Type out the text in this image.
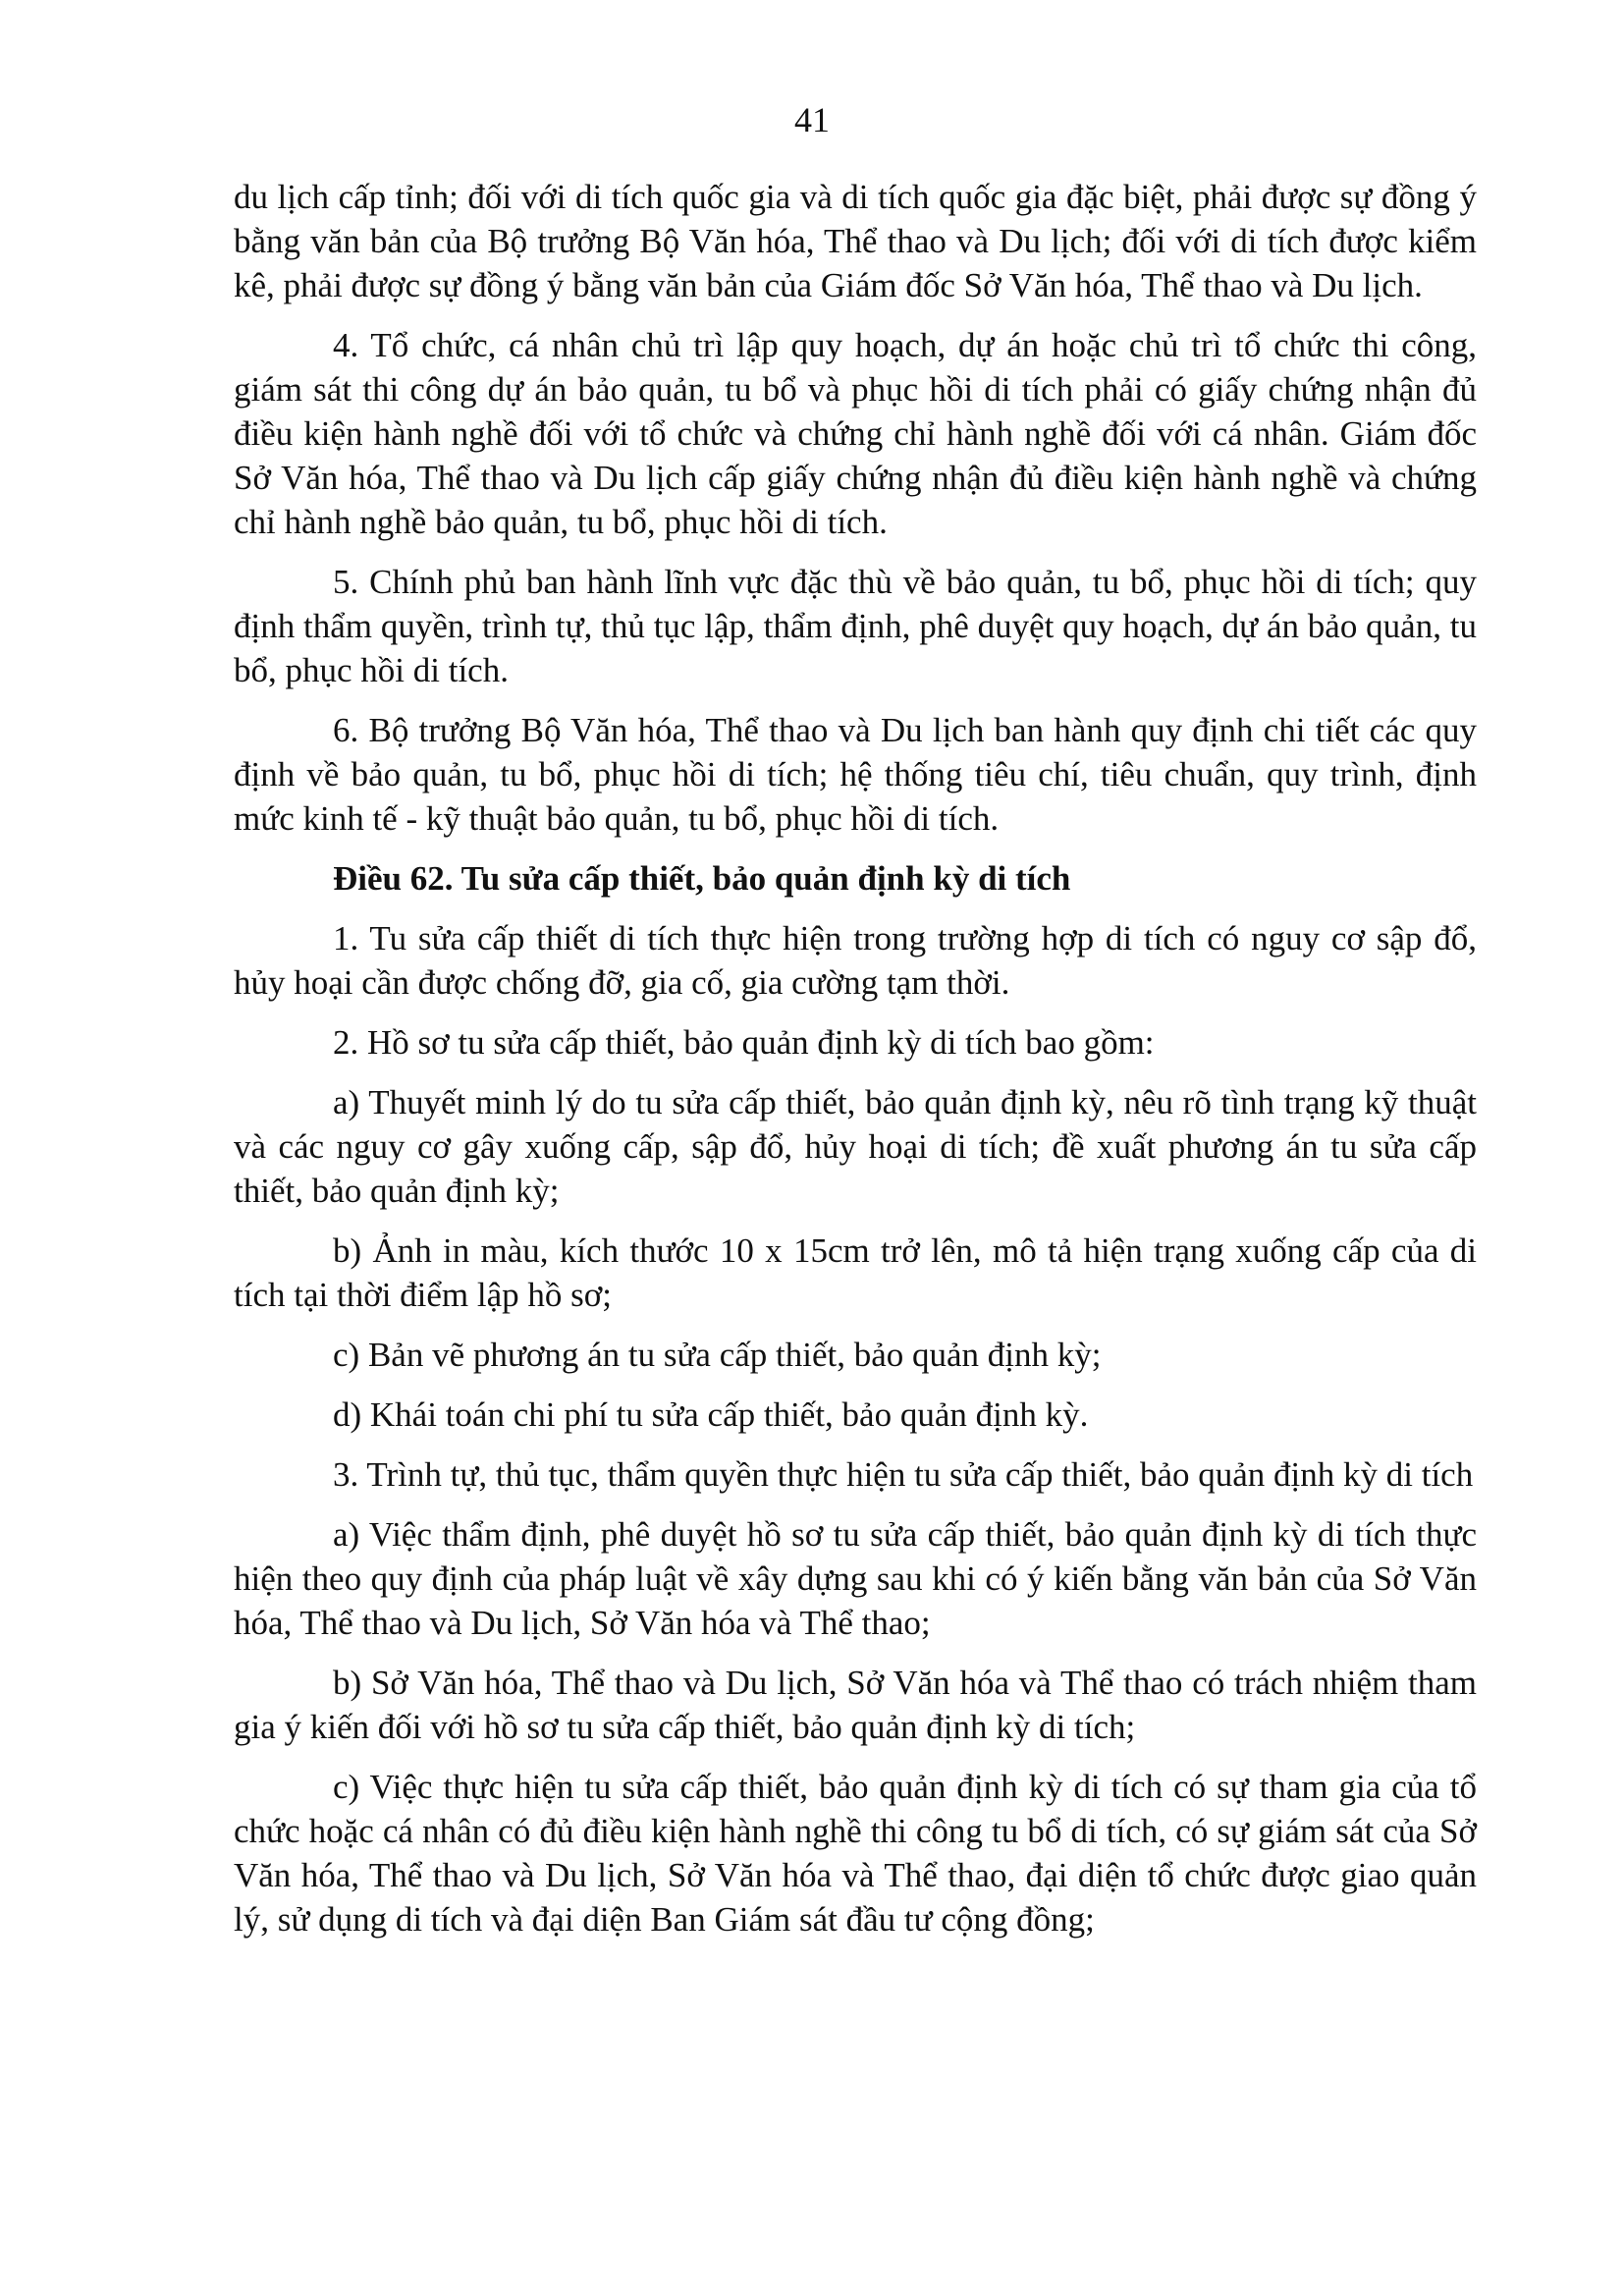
41

du lịch cấp tỉnh; đối với di tích quốc gia và di tích quốc gia đặc biệt, phải được sự đồng ý bằng văn bản của Bộ trưởng Bộ Văn hóa, Thể thao và Du lịch; đối với di tích được kiểm kê, phải được sự đồng ý bằng văn bản của Giám đốc Sở Văn hóa, Thể thao và Du lịch.

4. Tổ chức, cá nhân chủ trì lập quy hoạch, dự án hoặc chủ trì tổ chức thi công, giám sát thi công dự án bảo quản, tu bổ và phục hồi di tích phải có giấy chứng nhận đủ điều kiện hành nghề đối với tổ chức và chứng chỉ hành nghề đối với cá nhân. Giám đốc Sở Văn hóa, Thể thao và Du lịch cấp giấy chứng nhận đủ điều kiện hành nghề và chứng chỉ hành nghề bảo quản, tu bổ, phục hồi di tích.

5. Chính phủ ban hành lĩnh vực đặc thù về bảo quản, tu bổ, phục hồi di tích; quy định thẩm quyền, trình tự, thủ tục lập, thẩm định, phê duyệt quy hoạch, dự án bảo quản, tu bổ, phục hồi di tích.

6. Bộ trưởng Bộ Văn hóa, Thể thao và Du lịch ban hành quy định chi tiết các quy định về bảo quản, tu bổ, phục hồi di tích; hệ thống tiêu chí, tiêu chuẩn, quy trình, định mức kinh tế - kỹ thuật bảo quản, tu bổ, phục hồi di tích.

Điều 62. Tu sửa cấp thiết, bảo quản định kỳ di tích

1. Tu sửa cấp thiết di tích thực hiện trong trường hợp di tích có nguy cơ sập đổ, hủy hoại cần được chống đỡ, gia cố, gia cường tạm thời.

2. Hồ sơ tu sửa cấp thiết, bảo quản định kỳ di tích bao gồm:

a) Thuyết minh lý do tu sửa cấp thiết, bảo quản định kỳ, nêu rõ tình trạng kỹ thuật và các nguy cơ gây xuống cấp, sập đổ, hủy hoại di tích; đề xuất phương án tu sửa cấp thiết, bảo quản định kỳ;

b) Ảnh in màu, kích thước 10 x 15cm trở lên, mô tả hiện trạng xuống cấp của di tích tại thời điểm lập hồ sơ;

c) Bản vẽ phương án tu sửa cấp thiết, bảo quản định kỳ;

d) Khái toán chi phí tu sửa cấp thiết, bảo quản định kỳ.

3. Trình tự, thủ tục, thẩm quyền thực hiện tu sửa cấp thiết, bảo quản định kỳ di tích

a) Việc thẩm định, phê duyệt hồ sơ tu sửa cấp thiết, bảo quản định kỳ di tích thực hiện theo quy định của pháp luật về xây dựng sau khi có ý kiến bằng văn bản của Sở Văn hóa, Thể thao và Du lịch, Sở Văn hóa và Thể thao;

b) Sở Văn hóa, Thể thao và Du lịch, Sở Văn hóa và Thể thao có trách nhiệm tham gia ý kiến đối với hồ sơ tu sửa cấp thiết, bảo quản định kỳ di tích;

c) Việc thực hiện tu sửa cấp thiết, bảo quản định kỳ di tích có sự tham gia của tổ chức hoặc cá nhân có đủ điều kiện hành nghề thi công tu bổ di tích, có sự giám sát của Sở Văn hóa, Thể thao và Du lịch, Sở Văn hóa và Thể thao, đại diện tổ chức được giao quản lý, sử dụng di tích và đại diện Ban Giám sát đầu tư cộng đồng;
